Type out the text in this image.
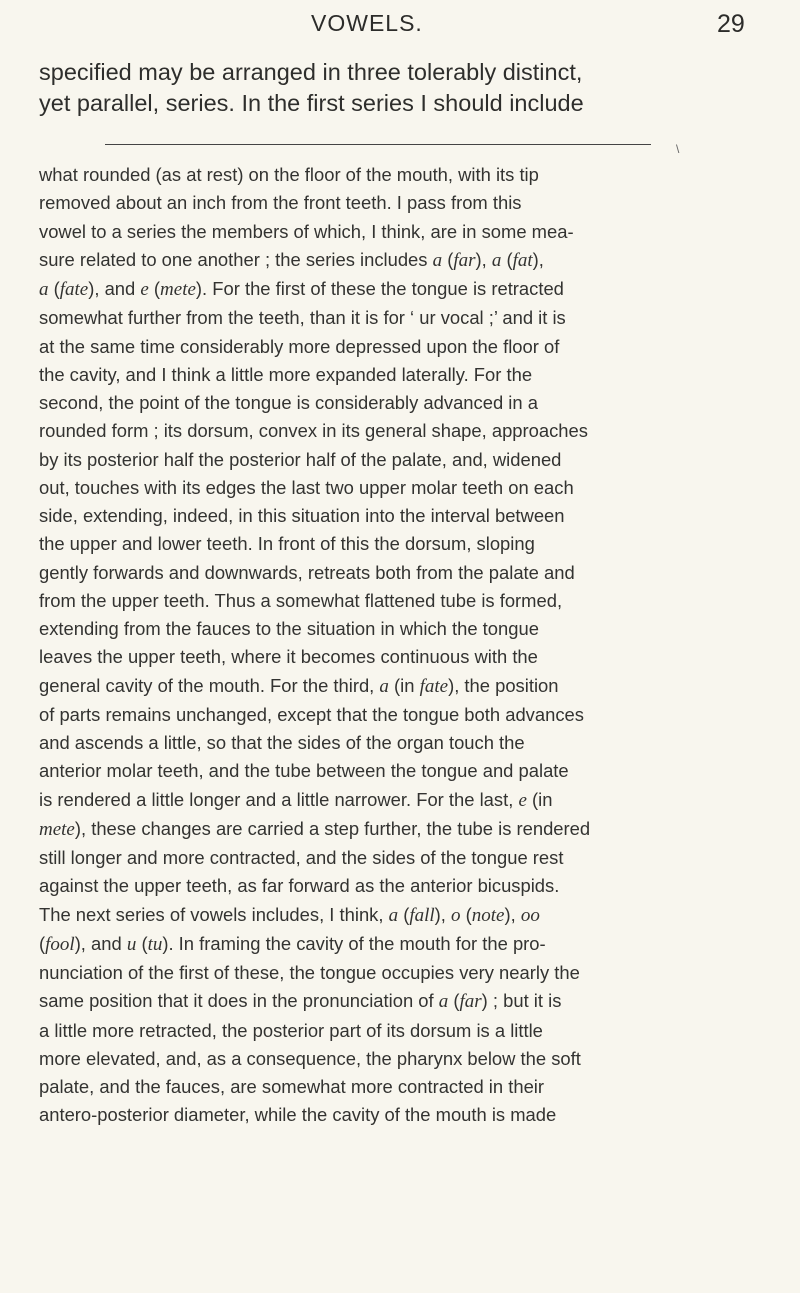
VOWELS.	29
specified may be arranged in three tolerably distinct,
yet parallel, series. In the first series I should include
\
what rounded (as at rest) on the floor of the mouth, with its tip
removed about an inch from the front teeth. I pass from this
vowel to a series the members of which, I think, are in some mea-
sure related to one another ; the series includes a (far), a (fat),
a (fate), and e (mete). For the first of these the tongue is retracted
somewhat further from the teeth, than it is for ‘ ur vocal ;’ and it is
at the same time considerably more depressed upon the floor of
the cavity, and I think a little more expanded laterally. For the
second, the point of the tongue is considerably advanced in a
rounded form ; its dorsum, convex in its general shape, approaches
by its posterior half the posterior half of the palate, and, widened
out, touches with its edges the last two upper molar teeth on each
side, extending, indeed, in this situation into the interval between
the upper and lower teeth. In front of this the dorsum, sloping
gently forwards and downwards, retreats both from the palate and
from the upper teeth. Thus a somewhat flattened tube is formed,
extending from the fauces to the situation in which the tongue
leaves the upper teeth, where it becomes continuous with the
general cavity of the mouth. For the third, a (in fate), the position
of parts remains unchanged, except that the tongue both advances
and ascends a little, so that the sides of the organ touch the
anterior molar teeth, and the tube between the tongue and palate
is rendered a little longer and a little narrower. For the last, e (in
mete), these changes are carried a step further, the tube is rendered
still longer and more contracted, and the sides of the tongue rest
against the upper teeth, as far forward as the anterior bicuspids.
The next series of vowels includes, I think, a (fall), o (note), oo
(fool), and u (tu). In framing the cavity of the mouth for the pro-
nunciation of the first of these, the tongue occupies very nearly the
same position that it does in the pronunciation of a (far) ; but it is
a little more retracted, the posterior part of its dorsum is a little
more elevated, and, as a consequence, the pharynx below the soft
palate, and the fauces, are somewhat more contracted in their
antero-posterior diameter, while the cavity of the mouth is made
